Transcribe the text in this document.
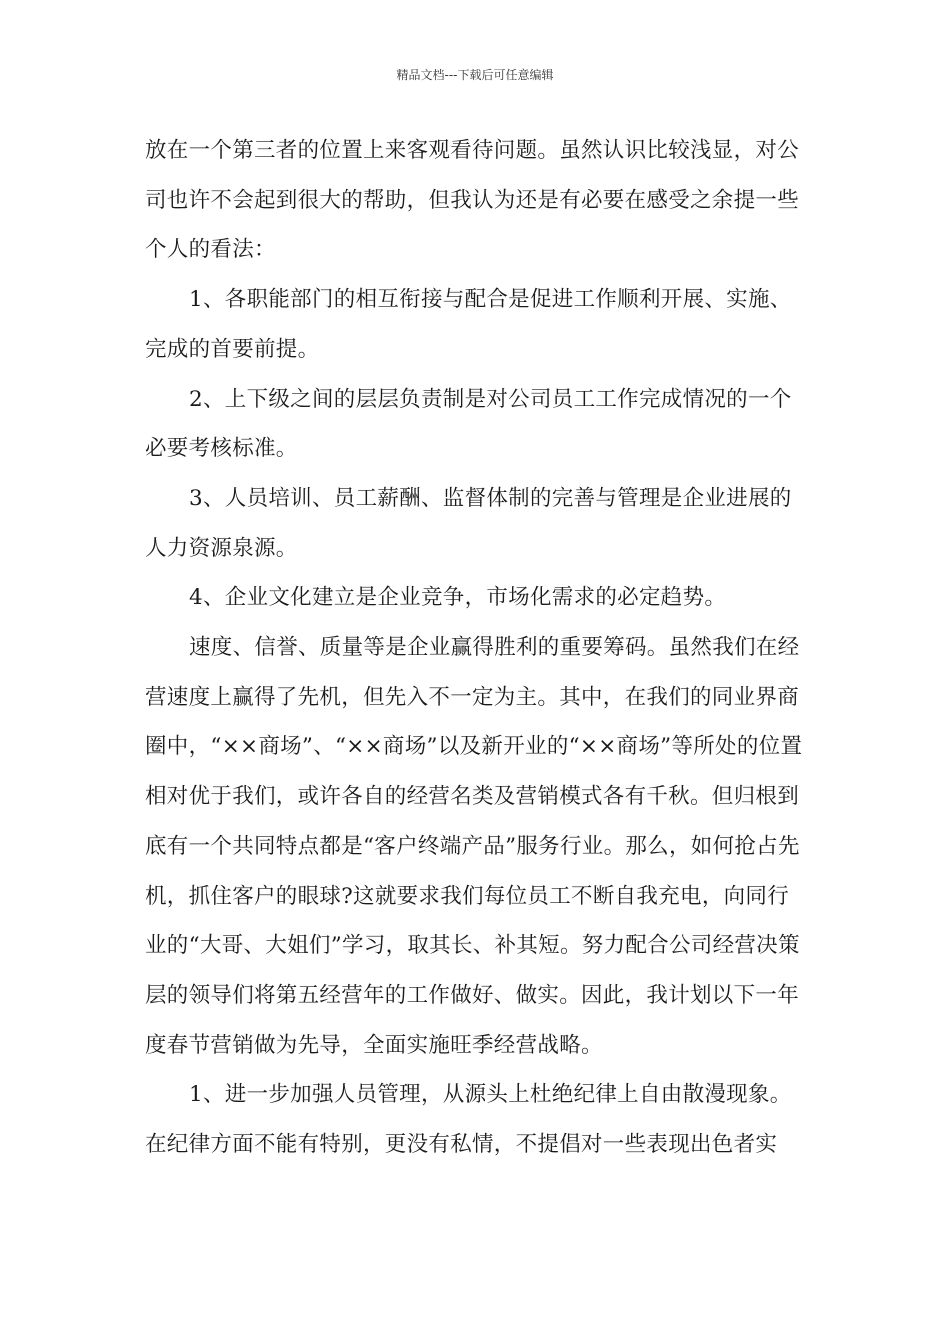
精品文档---下载后可任意编辑

放在一个第三者的位置上来客观看待问题。虽然认识比较浅显，对公司也许不会起到很大的帮助，但我认为还是有必要在感受之余提一些个人的看法：

1、各职能部门的相互衔接与配合是促进工作顺利开展、实施、完成的首要前提。

2、上下级之间的层层负责制是对公司员工工作完成情况的一个必要考核标准。

3、人员培训、员工薪酬、监督体制的完善与管理是企业进展的人力资源泉源。

4、企业文化建立是企业竞争，市场化需求的必定趋势。

速度、信誉、质量等是企业赢得胜利的重要筹码。虽然我们在经营速度上赢得了先机，但先入不一定为主。其中，在我们的同业界商圈中，“××商场”、“××商场”以及新开业的“××商场”等所处的位置相对优于我们，或许各自的经营名类及营销模式各有千秋。但归根到底有一个共同特点都是“客户终端产品”服务行业。那么，如何抢占先机，抓住客户的眼球?这就要求我们每位员工不断自我充电，向同行业的“大哥、大姐们”学习，取其长、补其短。努力配合公司经营决策层的领导们将第五经营年的工作做好、做实。因此，我计划以下一年度春节营销做为先导，全面实施旺季经营战略。

1、进一步加强人员管理，从源头上杜绝纪律上自由散漫现象。在纪律方面不能有特别，更没有私情，不提倡对一些表现出色者实
